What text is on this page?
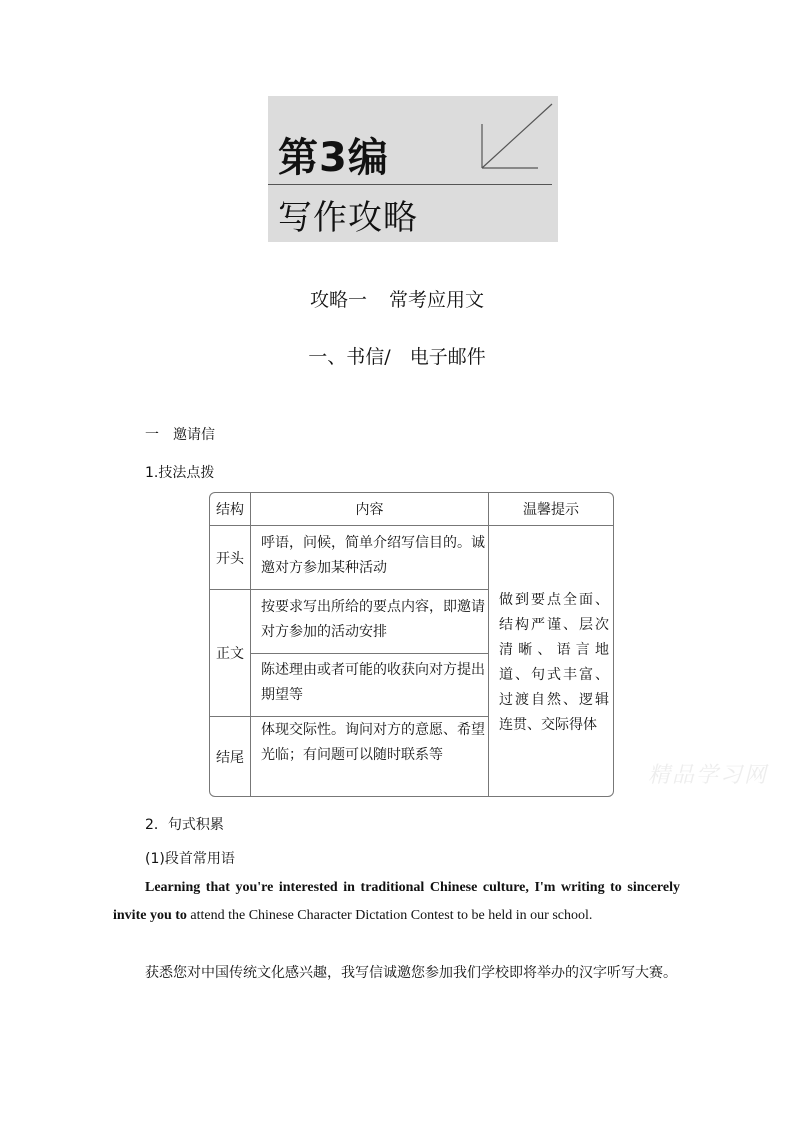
第3编
写作攻略
攻略一 常考应用文
一、书信/　电子邮件
一　邀请信
1.技法点拨
结构	内容	温馨提示
开头
呼语，问候，简单介绍写信目的。诚邀对方参加某种活动
正文
按要求写出所给的要点内容，即邀请对方参加的活动安排
陈述理由或者可能的收获向对方提出期望等
结尾
体现交际性。询问对方的意愿、希望光临；有问题可以随时联系等
做到要点全面、结构严谨、层次清晰、语言地道、句式丰富、过渡自然、逻辑连贯、交际得体
精品学习网
2．句式积累
(1)段首常用语
Learning that you're interested in traditional Chinese culture, I'm writing to sincerely invite you to attend the Chinese Character Dictation Contest to be held in our school.
获悉您对中国传统文化感兴趣，我写信诚邀您参加我们学校即将举办的汉字听写大赛。
